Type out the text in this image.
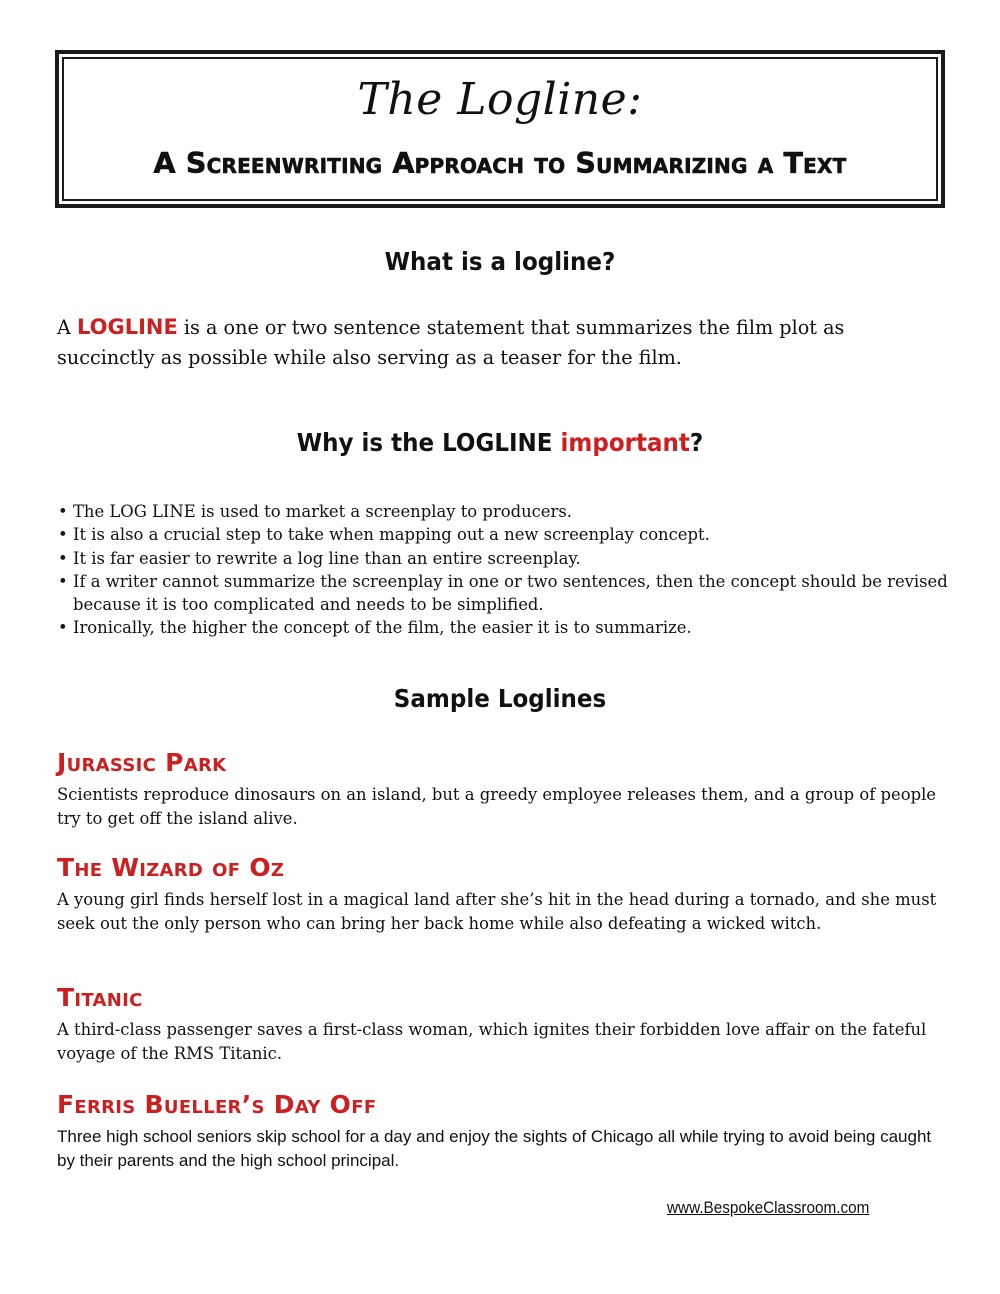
The Logline:
A Screenwriting Approach to Summarizing a Text
What is a logline?
A LOGLINE is a one or two sentence statement that summarizes the film plot as succinctly as possible while also serving as a teaser for the film.
Why is the LOGLINE important?
• The LOG LINE is used to market a screenplay to producers.
• It is also a crucial step to take when mapping out a new screenplay concept.
• It is far easier to rewrite a log line than an entire screenplay.
• If a writer cannot summarize the screenplay in one or two sentences, then the concept should be revised because it is too complicated and needs to be simplified.
• Ironically, the higher the concept of the film, the easier it is to summarize.
Sample Loglines
Jurassic Park
Scientists reproduce dinosaurs on an island, but a greedy employee releases them, and a group of people try to get off the island alive.
The Wizard of Oz
A young girl finds herself lost in a magical land after she’s hit in the head during a tornado, and she must seek out the only person who can bring her back home while also defeating a wicked witch.
Titanic
A third-class passenger saves a first-class woman, which ignites their forbidden love affair on the fateful voyage of the RMS Titanic.
Ferris Bueller’s Day Off
Three high school seniors skip school for a day and enjoy the sights of Chicago all while trying to avoid being caught by their parents and the high school principal.
www.BespokeClassroom.com
